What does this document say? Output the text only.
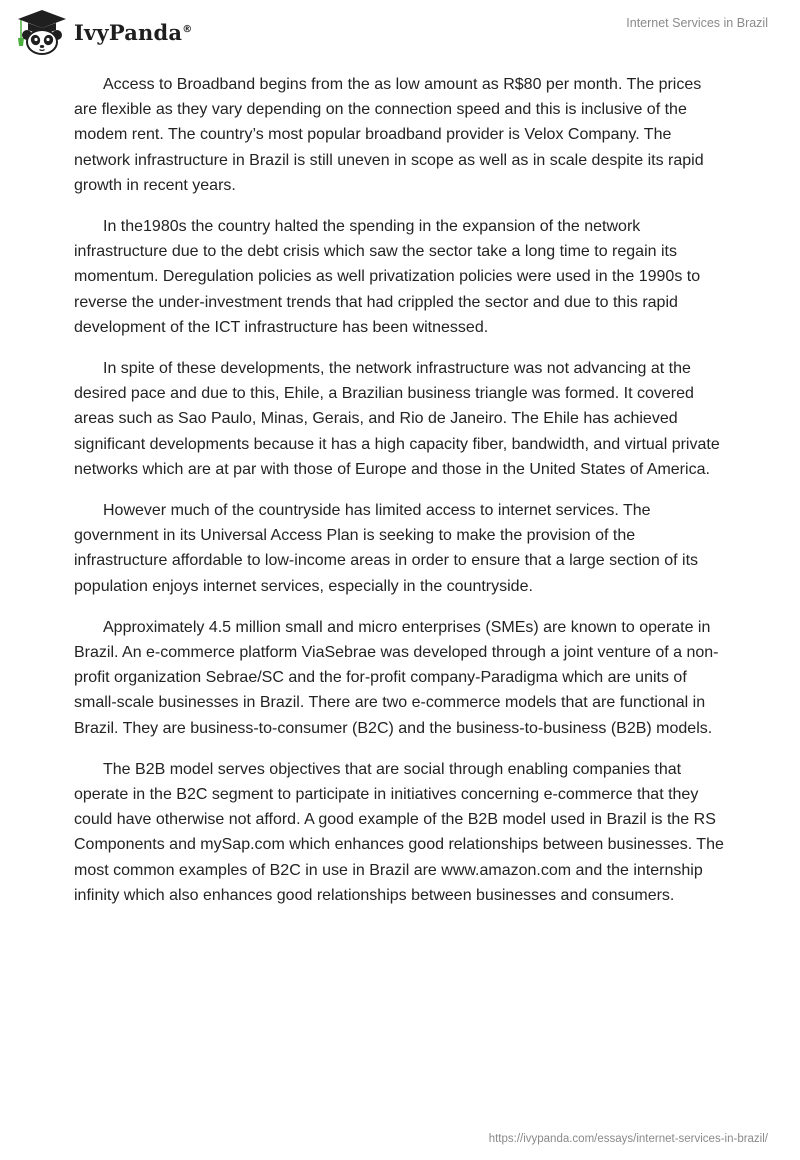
IvyPanda®	Internet Services in Brazil

Access to Broadband begins from the as low amount as R$80 per month. The prices are flexible as they vary depending on the connection speed and this is inclusive of the modem rent. The country’s most popular broadband provider is Velox Company. The network infrastructure in Brazil is still uneven in scope as well as in scale despite its rapid growth in recent years.

In the1980s the country halted the spending in the expansion of the network infrastructure due to the debt crisis which saw the sector take a long time to regain its momentum. Deregulation policies as well privatization policies were used in the 1990s to reverse the under-investment trends that had crippled the sector and due to this rapid development of the ICT infrastructure has been witnessed.

In spite of these developments, the network infrastructure was not advancing at the desired pace and due to this, Ehile, a Brazilian business triangle was formed. It covered areas such as Sao Paulo, Minas, Gerais, and Rio de Janeiro. The Ehile has achieved significant developments because it has a high capacity fiber, bandwidth, and virtual private networks which are at par with those of Europe and those in the United States of America.

However much of the countryside has limited access to internet services. The government in its Universal Access Plan is seeking to make the provision of the infrastructure affordable to low-income areas in order to ensure that a large section of its population enjoys internet services, especially in the countryside.

Approximately 4.5 million small and micro enterprises (SMEs) are known to operate in Brazil. An e-commerce platform ViaSebrae was developed through a joint venture of a non-profit organization Sebrae/SC and the for-profit company-Paradigma which are units of small-scale businesses in Brazil. There are two e-commerce models that are functional in Brazil. They are business-to-consumer (B2C) and the business-to-business (B2B) models.

The B2B model serves objectives that are social through enabling companies that operate in the B2C segment to participate in initiatives concerning e-commerce that they could have otherwise not afford. A good example of the B2B model used in Brazil is the RS Components and mySap.com which enhances good relationships between businesses. The most common examples of B2C in use in Brazil are www.amazon.com and the internship infinity which also enhances good relationships between businesses and consumers.

https://ivypanda.com/essays/internet-services-in-brazil/
